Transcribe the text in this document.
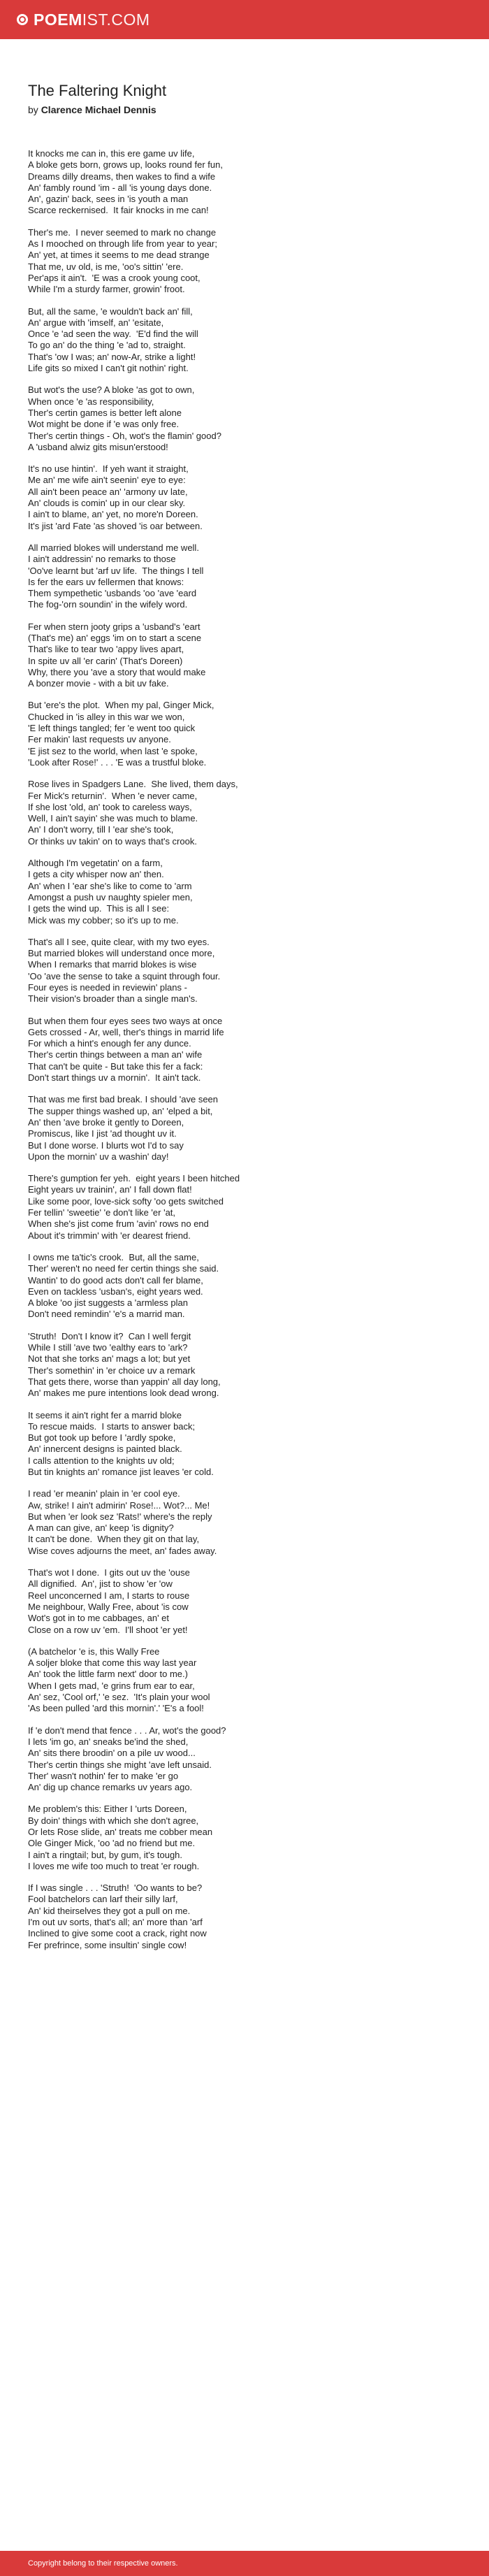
POEM IST.COM
The Faltering Knight
by Clarence Michael Dennis
It knocks me can in, this ere game uv life,
A bloke gets born, grows up, looks round fer fun,
Dreams dilly dreams, then wakes to find a wife
An' fambly round 'im - all 'is young days done.
An', gazin' back, sees in 'is youth a man
Scarce reckernised.  It fair knocks in me can!
Ther's me.  I never seemed to mark no change
As I mooched on through life from year to year;
An' yet, at times it seems to me dead strange
That me, uv old, is me, 'oo's sittin' 'ere.
Per'aps it ain't.  'E was a crook young coot,
While I'm a sturdy farmer, growin' froot.
But, all the same, 'e wouldn't back an' fill,
An' argue with 'imself, an' 'esitate,
Once 'e 'ad seen the way.  'E'd find the will
To go an' do the thing 'e 'ad to, straight.
That's 'ow I was; an' now-Ar, strike a light!
Life gits so mixed I can't git nothin' right.
But wot's the use? A bloke 'as got to own,
When once 'e 'as responsibility,
Ther's certin games is better left alone
Wot might be done if 'e was only free.
Ther's certin things - Oh, wot's the flamin' good?
A 'usband alwiz gits misun'erstood!
It's no use hintin'.  If yeh want it straight,
Me an' me wife ain't seenin' eye to eye:
All ain't been peace an' 'armony uv late,
An' clouds is comin' up in our clear sky.
I ain't to blame, an' yet, no more'n Doreen.
It's jist 'ard Fate 'as shoved 'is oar between.
All married blokes will understand me well.
I ain't addressin' no remarks to those
'Oo've learnt but 'arf uv life.  The things I tell
Is fer the ears uv fellermen that knows:
Them sympethetic 'usbands 'oo 'ave 'eard
The fog-'orn soundin' in the wifely word.
Fer when stern jooty grips a 'usband's 'eart
(That's me) an' eggs 'im on to start a scene
That's like to tear two 'appy lives apart,
In spite uv all 'er carin' (That's Doreen)
Why, there you 'ave a story that would make
A bonzer movie - with a bit uv fake.
But 'ere's the plot.  When my pal, Ginger Mick,
Chucked in 'is alley in this war we won,
'E left things tangled; fer 'e went too quick
Fer makin' last requests uv anyone.
'E jist sez to the world, when last 'e spoke,
'Look after Rose!' . . . 'E was a trustful bloke.
Rose lives in Spadgers Lane.  She lived, them days,
Fer Mick's returnin'.  When 'e never came,
If she lost 'old, an' took to careless ways,
Well, I ain't sayin' she was much to blame.
An' I don't worry, till I 'ear she's took,
Or thinks uv takin' on to ways that's crook.
Although I'm vegetatin' on a farm,
I gets a city whisper now an' then.
An' when I 'ear she's like to come to 'arm
Amongst a push uv naughty spieler men,
I gets the wind up.  This is all I see:
Mick was my cobber; so it's up to me.
That's all I see, quite clear, with my two eyes.
But married blokes will understand once more,
When I remarks that marrid blokes is wise
'Oo 'ave the sense to take a squint through four.
Four eyes is needed in reviewin' plans -
Their vision's broader than a single man's.
But when them four eyes sees two ways at once
Gets crossed - Ar, well, ther's things in marrid life
For which a hint's enough fer any dunce.
Ther's certin things between a man an' wife
That can't be quite - But take this fer a fack:
Don't start things uv a mornin'.  It ain't tack.
That was me first bad break. I should 'ave seen
The supper things washed up, an' 'elped a bit,
An' then 'ave broke it gently to Doreen,
Promiscus, like I jist 'ad thought uv it.
But I done worse. I blurts wot I'd to say
Upon the mornin' uv a washin' day!
There's gumption fer yeh.  eight years I been hitched
Eight years uv trainin', an' I fall down flat!
Like some poor, love-sick softy 'oo gets switched
Fer tellin' 'sweetie' 'e don't like 'er 'at,
When she's jist come frum 'avin' rows no end
About it's trimmin' with 'er dearest friend.
I owns me ta'tic's crook.  But, all the same,
Ther' weren't no need fer certin things she said.
Wantin' to do good acts don't call fer blame,
Even on tackless 'usban's, eight years wed.
A bloke 'oo jist suggests a 'armless plan
Don't need remindin' 'e's a marrid man.
'Struth!  Don't I know it?  Can I well fergit
While I still 'ave two 'ealthy ears to 'ark?
Not that she torks an' mags a lot; but yet
Ther's somethin' in 'er choice uv a remark
That gets there, worse than yappin' all day long,
An' makes me pure intentions look dead wrong.
It seems it ain't right fer a marrid bloke
To rescue maids.  I starts to answer back;
But got took up before I 'ardly spoke,
An' innercent designs is painted black.
I calls attention to the knights uv old;
But tin knights an' romance jist leaves 'er cold.
I read 'er meanin' plain in 'er cool eye.
Aw, strike! I ain't admirin' Rose!... Wot?... Me!
But when 'er look sez 'Rats!' where's the reply
A man can give, an' keep 'is dignity?
It can't be done.  When they git on that lay,
Wise coves adjourns the meet, an' fades away.
That's wot I done.  I gits out uv the 'ouse
All dignified.  An', jist to show 'er 'ow
Reel unconcerned I am, I starts to rouse
Me neighbour, Wally Free, about 'is cow
Wot's got in to me cabbages, an' et
Close on a row uv 'em.  I'll shoot 'er yet!
(A batchelor 'e is, this Wally Free
A soljer bloke that come this way last year
An' took the little farm next' door to me.)
When I gets mad, 'e grins frum ear to ear,
An' sez, 'Cool orf,' 'e sez.  'It's plain your wool
'As been pulled 'ard this mornin'.' 'E's a fool!
If 'e don't mend that fence . . . Ar, wot's the good?
I lets 'im go, an' sneaks be'ind the shed,
An' sits there broodin' on a pile uv wood...
Ther's certin things she might 'ave left unsaid.
Ther' wasn't nothin' fer to make 'er go
An' dig up chance remarks uv years ago.
Me problem's this: Either I 'urts Doreen,
By doin' things with which she don't agree,
Or lets Rose slide, an' treats me cobber mean
Ole Ginger Mick, 'oo 'ad no friend but me.
I ain't a ringtail; but, by gum, it's tough.
I loves me wife too much to treat 'er rough.
If I was single . . . 'Struth!  'Oo wants to be?
Fool batchelors can larf their silly larf,
An' kid theirselves they got a pull on me.
I'm out uv sorts, that's all; an' more than 'arf
Inclined to give some coot a crack, right now
Fer prefrince, some insultin' single cow!
Copyright belong to their respective owners.
